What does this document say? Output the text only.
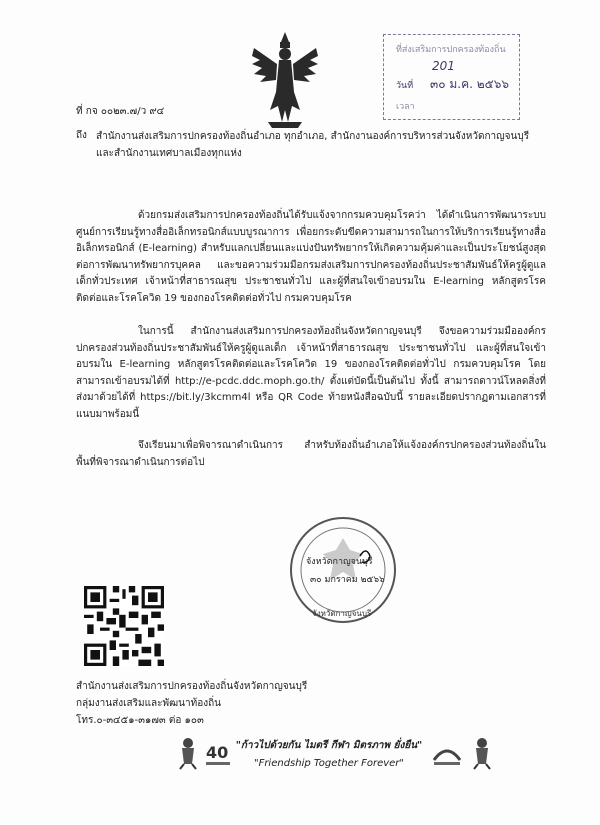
ที่ส่งเสริมการปกครองท้องถิ่น
201
วันที่ ๓๐ ม.ค. ๒๕๖๖
เวลา
ที่ กจ ๐๐๒๓.๗/ว ๙๔
ถึง สำนักงานส่งเสริมการปกครองท้องถิ่นอำเภอ ทุกอำเภอ, สำนักงานองค์การบริหารส่วนจังหวัดกาญจนบุรี และสำนักงานเทศบาลเมืองทุกแห่ง
ด้วยกรมส่งเสริมการปกครองท้องถิ่นได้รับแจ้งจากกรมควบคุมโรคว่า ได้ดำเนินการพัฒนาระบบศูนย์การเรียนรู้ทางสื่ออิเล็กทรอนิกส์แบบบูรณาการ เพื่อยกระดับขีดความสามารถในการให้บริการเรียนรู้ทางสื่ออิเล็กทรอนิกส์ (E-learning) สำหรับแลกเปลี่ยนและแบ่งปันทรัพยากรให้เกิดความคุ้มค่าและเป็นประโยชน์สูงสุดต่อการพัฒนาทรัพยากรบุคคล และขอความร่วมมือกรมส่งเสริมการปกครองท้องถิ่นประชาสัมพันธ์ให้ครูผู้ดูแลเด็กทั่วประเทศ เจ้าหน้าที่สาธารณสุข ประชาชนทั่วไป และผู้ที่สนใจเข้าอบรมใน E-learning หลักสูตรโรคติดต่อและโรคโควิด 19 ของกองโรคติดต่อทั่วไป กรมควบคุมโรค
ในการนี้ สำนักงานส่งเสริมการปกครองท้องถิ่นจังหวัดกาญจนบุรี จึงขอความร่วมมือองค์กรปกครองส่วนท้องถิ่นประชาสัมพันธ์ให้ครูผู้ดูแลเด็ก เจ้าหน้าที่สาธารณสุข ประชาชนทั่วไป และผู้ที่สนใจเข้าอบรมใน E-learning หลักสูตรโรคติดต่อและโรคโควิด 19 ของกองโรคติดต่อทั่วไป กรมควบคุมโรค โดยสามารถเข้าอบรมได้ที่ http://e-pcdc.ddc.moph.go.th/ ตั้งแต่บัดนี้เป็นต้นไป ทั้งนี้ สามารถดาวน์โหลดสิ่งที่ส่งมาด้วยได้ที่ https://bit.ly/3kcmm4l หรือ QR Code ท้ายหนังสือฉบับนี้ รายละเอียดปรากฏตามเอกสารที่แนบมาพร้อมนี้
จึงเรียนมาเพื่อพิจารณาดำเนินการ สำหรับท้องถิ่นอำเภอให้แจ้งองค์กรปกครองส่วนท้องถิ่นในพื้นที่พิจารณาดำเนินการต่อไป
จังหวัดกาญจนบุรี
๓๐ มกราคม ๒๕๖๖
จังหวัดกาญจนบุรี
สำนักงานส่งเสริมการปกครองท้องถิ่นจังหวัดกาญจนบุรี
กลุ่มงานส่งเสริมและพัฒนาท้องถิ่น
โทร.๐-๓๔๕๑-๓๑๗๓ ต่อ ๑๐๓
40 "ก้าวไปด้วยกัน ไมตรี กีฬา มิตรภาพ ยั่งยืน"
"Friendship Together Forever"
